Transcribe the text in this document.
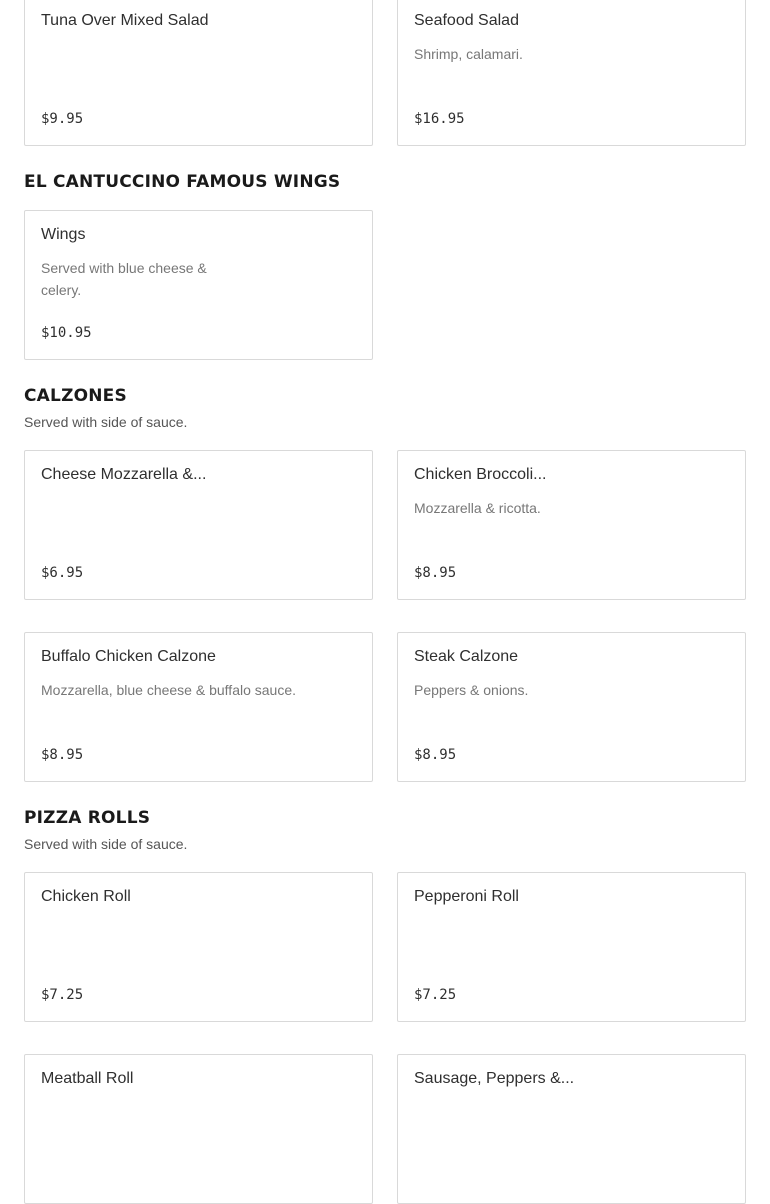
Tuna Over Mixed Salad
$9.95
Seafood Salad
Shrimp, calamari.
$16.95
EL CANTUCCINO FAMOUS WINGS
Wings
Served with blue cheese & celery.
$10.95
CALZONES
Served with side of sauce.
Cheese Mozzarella &...
$6.95
Chicken Broccoli...
Mozzarella & ricotta.
$8.95
Buffalo Chicken Calzone
Mozzarella, blue cheese & buffalo sauce.
$8.95
Steak Calzone
Peppers & onions.
$8.95
PIZZA ROLLS
Served with side of sauce.
Chicken Roll
$7.25
Pepperoni Roll
$7.25
Meatball Roll	Sausage, Peppers &...
